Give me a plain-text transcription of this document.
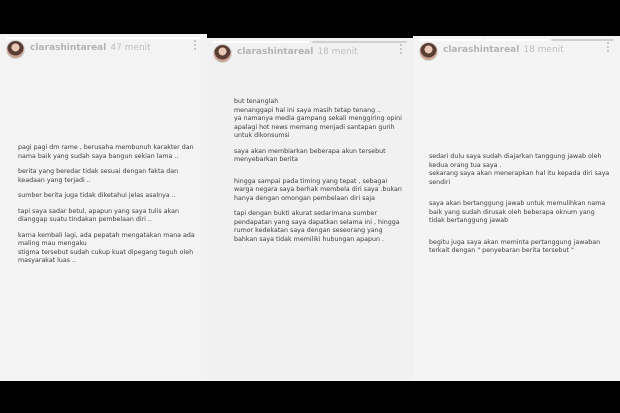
clarashintareal 47 menit

pagi pagi dm rame , berusaha membunuh karakter dan nama baik yang sudah saya bangun sekian lama ..

berita yang beredar tidak sesuai dengan fakta dan keadaan yang terjadi ..

sumber berita juga tidak diketahui jelas asalnya ..

tapi saya sadar betul, apapun yang saya tulis akan dianggap suatu tindakan pembelaan diri ..

karna kembali lagi, ada pepatah mengatakan mana ada maling mau mengaku
stigma tersebut sudah cukup kuat dipegang teguh oleh masyarakat luas ..

clarashintareal 18 menit

but tenanglah
menanggapi hal ini saya masih tetap tenang ..
ya namanya media gampang sekali menggiring opini
apalagi hot news memang menjadi santapan gurih untuk dikonsumsi

saya akan membiarkan beberapa akun tersebut menyebarkan berita

hingga sampai pada timing yang tepat , sebagai warga negara saya berhak membela diri saya .bukan hanya dengan omongan pembelaan diri saja

tapi dengan bukti akurat sedarimana sumber pendapatan yang saya dapatkan selama ini , hingga rumor kedekatan saya dengan seseorang yang bahkan saya tidak memiliki hubungan apapun .

clarashintareal 18 menit

sedari dulu saya sudah diajarkan tanggung jawab oleh kedua orang tua saya .
sekarang saya akan menerapkan hal itu kepada diri saya sendiri

saya akan bertanggung jawab untuk memulihkan nama baik yang sudah dirusak oleh beberapa oknum yang tidak bertanggung jawab

begitu juga saya akan meminta pertanggung jawaban terkait dengan " penyebaran berita tersebut "
